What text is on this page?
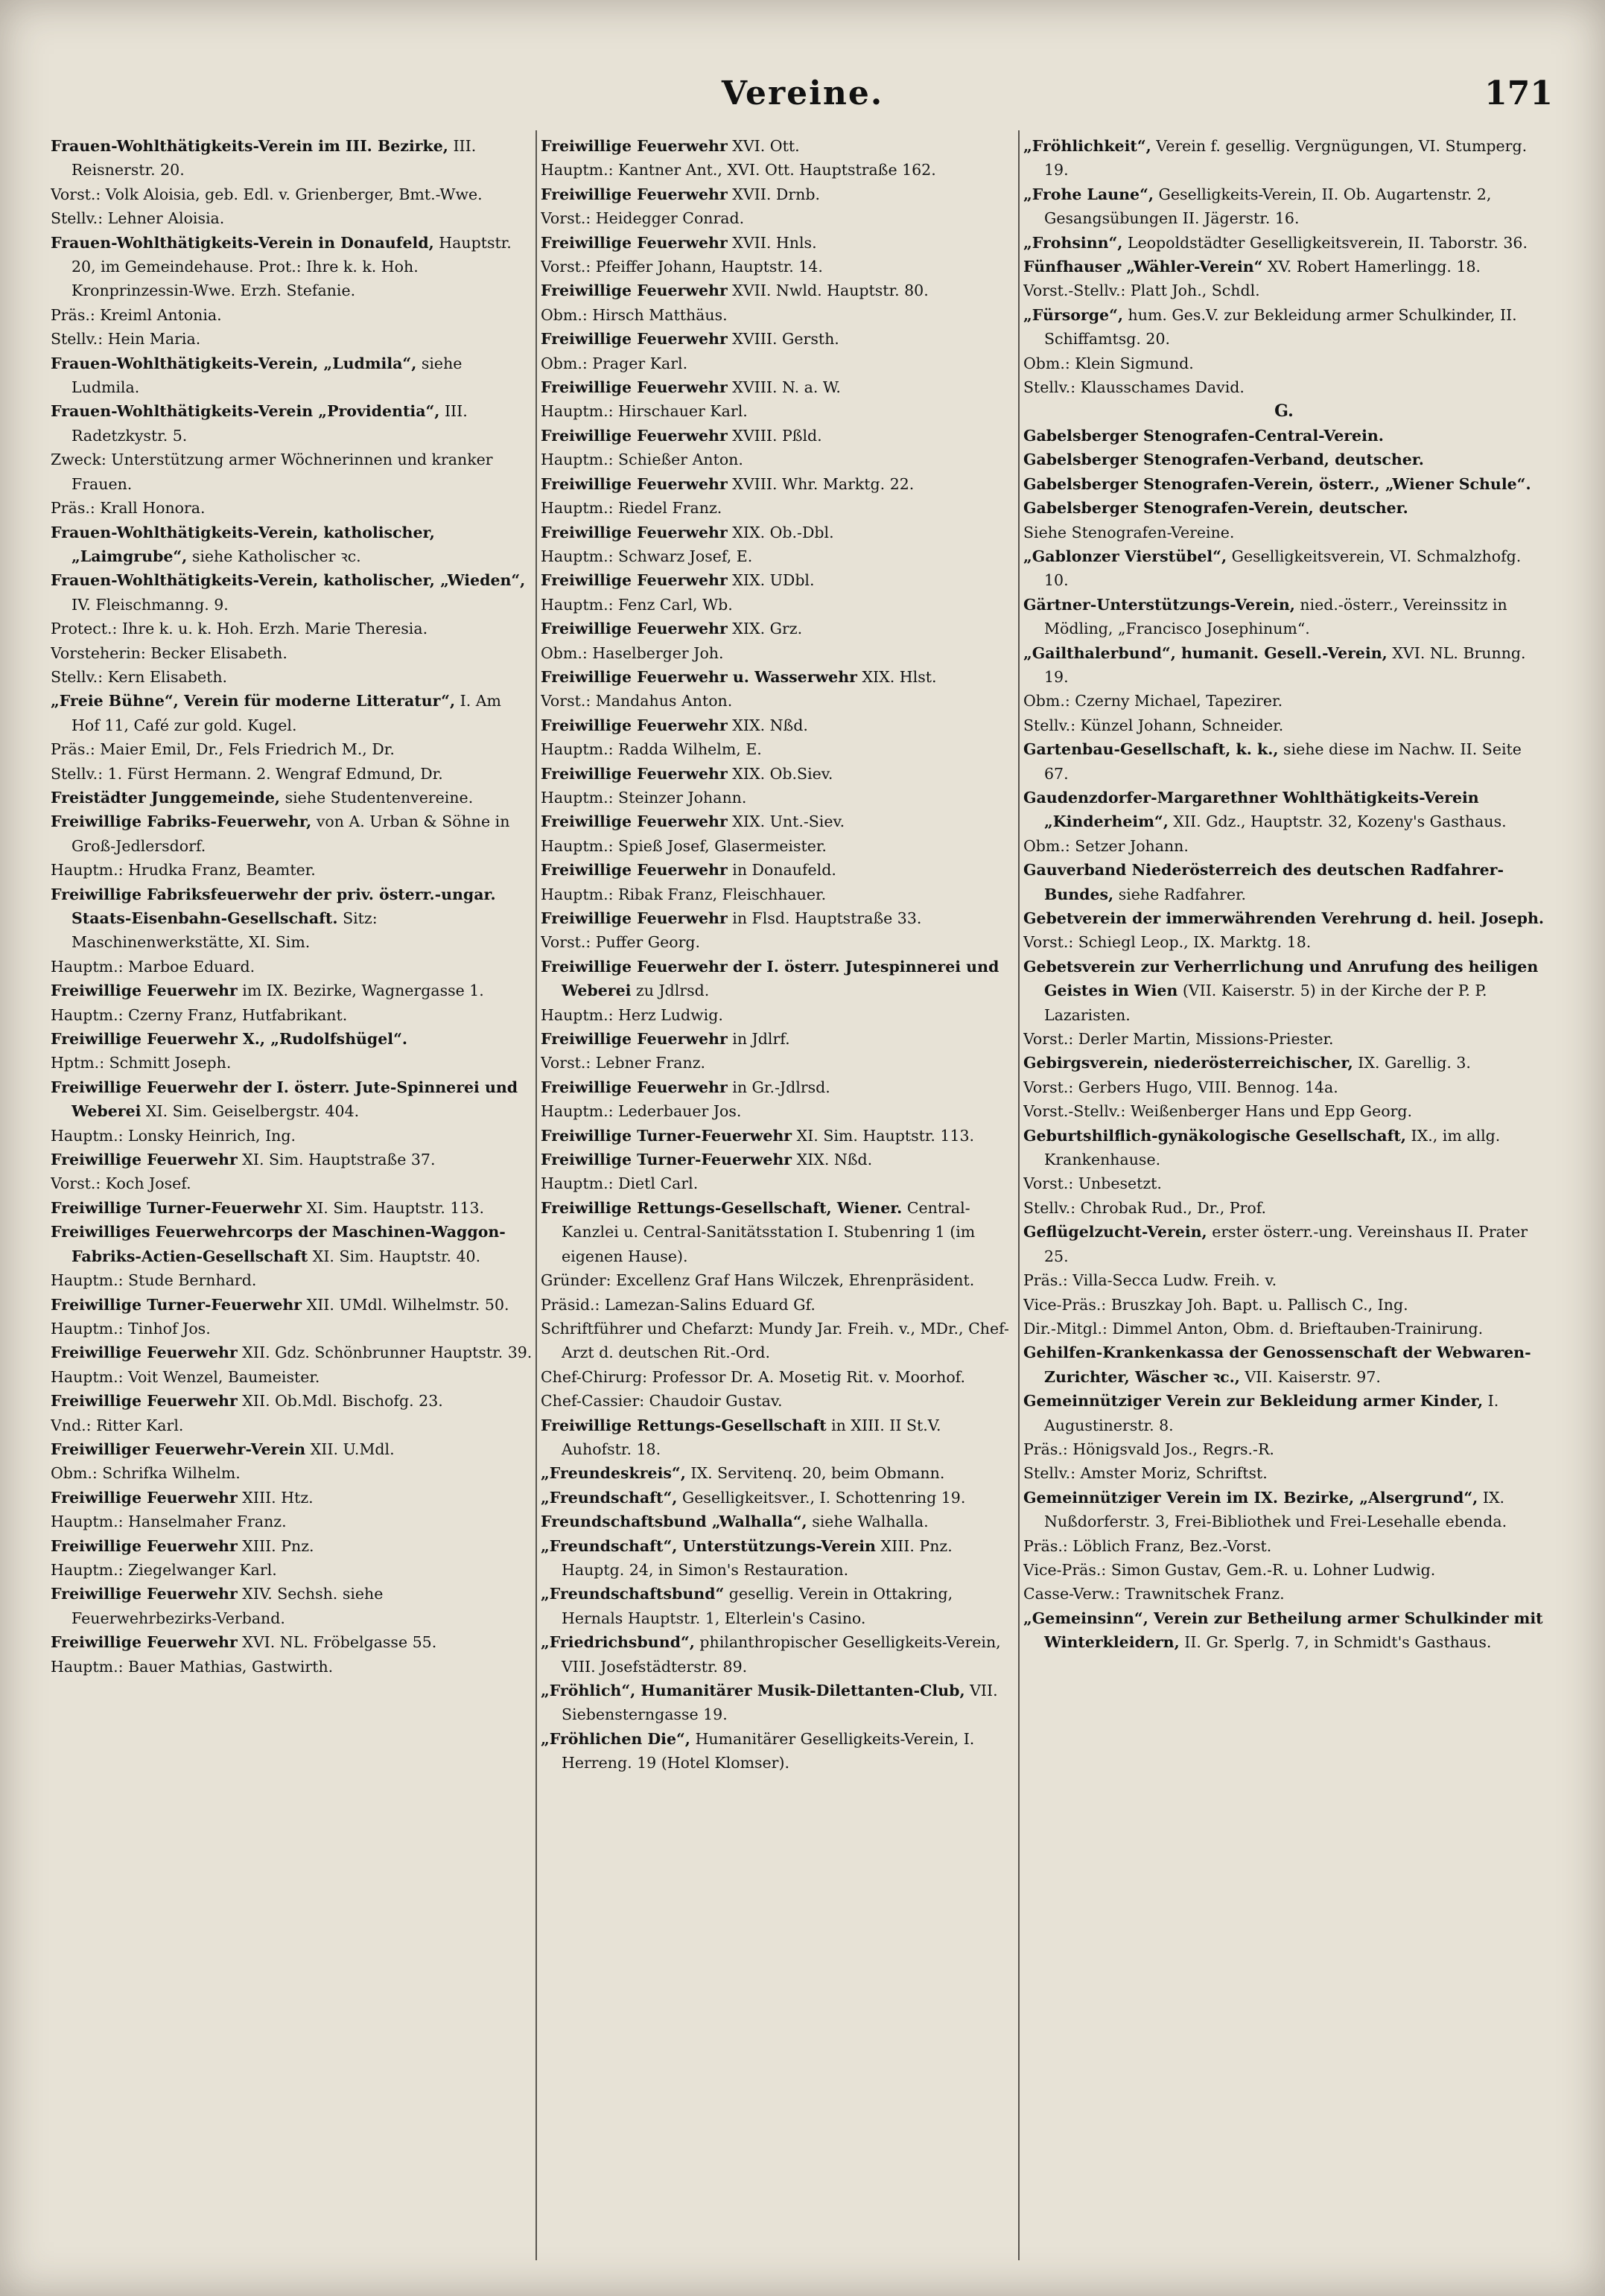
Vereine.	171

Frauen-Wohlthätigkeits-Verein im III. Bezirke, III. Reisnerstr. 20.

Vorst.: Volk Aloisia, geb. Edl. v. Grienberger, Bmt.-Wwe.

Stellv.: Lehner Aloisia.

Frauen-Wohlthätigkeits-Verein in Donaufeld, Hauptstr. 20, im Gemeindehause. Prot.: Ihre k. k. Hoh. Kronprinzessin-Wwe. Erzh. Stefanie.

Präs.: Kreiml Antonia.

Stellv.: Hein Maria.

Frauen-Wohlthätigkeits-Verein, „Ludmila“, siehe Ludmila.

Frauen-Wohlthätigkeits-Verein „Providentia“, III. Radetzkystr. 5.

Zweck: Unterstützung armer Wöchnerinnen und kranker Frauen.

Präs.: Krall Honora.

Frauen-Wohlthätigkeits-Verein, katholischer, „Laimgrube“, siehe Katholischer ꝛc.

Frauen-Wohlthätigkeits-Verein, katholischer, „Wieden“, IV. Fleischmanng. 9.

Protect.: Ihre k. u. k. Hoh. Erzh. Marie Theresia.

Vorsteherin: Becker Elisabeth.

Stellv.: Kern Elisabeth.

„Freie Bühne“, Verein für moderne Litteratur“, I. Am Hof 11, Café zur gold. Kugel.

Präs.: Maier Emil, Dr., Fels Friedrich M., Dr.

Stellv.: 1. Fürst Hermann. 2. Wengraf Edmund, Dr.

Freistädter Junggemeinde, siehe Studentenvereine.

Freiwillige Fabriks-Feuerwehr, von A. Urban & Söhne in Groß-Jedlersdorf.

Hauptm.: Hrudka Franz, Beamter.

Freiwillige Fabriksfeuerwehr der priv. österr.-ungar. Staats-Eisenbahn-Gesellschaft. Sitz: Maschinenwerkstätte, XI. Sim.

Hauptm.: Marboe Eduard.

Freiwillige Feuerwehr im IX. Bezirke, Wagnergasse 1.

Hauptm.: Czerny Franz, Hutfabrikant.

Freiwillige Feuerwehr X., „Rudolfshügel“.

Hptm.: Schmitt Joseph.

Freiwillige Feuerwehr der I. österr. Jute-Spinnerei und Weberei XI. Sim. Geiselbergstr. 404.

Hauptm.: Lonsky Heinrich, Ing.

Freiwillige Feuerwehr XI. Sim. Hauptstraße 37.

Vorst.: Koch Josef.

Freiwillige Turner-Feuerwehr XI. Sim. Hauptstr. 113.

Freiwilliges Feuerwehrcorps der Maschinen-Waggon-Fabriks-Actien-Gesellschaft XI. Sim. Hauptstr. 40.

Hauptm.: Stude Bernhard.

Freiwillige Turner-Feuerwehr XII. UMdl. Wilhelmstr. 50.

Hauptm.: Tinhof Jos.

Freiwillige Feuerwehr XII. Gdz. Schönbrunner Hauptstr. 39.

Hauptm.: Voit Wenzel, Baumeister.

Freiwillige Feuerwehr XII. Ob.Mdl. Bischofg. 23.

Vnd.: Ritter Karl.

Freiwilliger Feuerwehr-Verein XII. U.Mdl.

Obm.: Schrifka Wilhelm.

Freiwillige Feuerwehr XIII. Htz.

Hauptm.: Hanselmaher Franz.

Freiwillige Feuerwehr XIII. Pnz.

Hauptm.: Ziegelwanger Karl.

Freiwillige Feuerwehr XIV. Sechsh. siehe Feuerwehrbezirks-Verband.

Freiwillige Feuerwehr XVI. NL. Fröbelgasse 55.

Hauptm.: Bauer Mathias, Gastwirth.

Freiwillige Feuerwehr XVI. Ott.

Hauptm.: Kantner Ant., XVI. Ott. Hauptstraße 162.

Freiwillige Feuerwehr XVII. Drnb.

Vorst.: Heidegger Conrad.

Freiwillige Feuerwehr XVII. Hnls.

Vorst.: Pfeiffer Johann, Hauptstr. 14.

Freiwillige Feuerwehr XVII. Nwld. Hauptstr. 80.

Obm.: Hirsch Matthäus.

Freiwillige Feuerwehr XVIII. Gersth.

Obm.: Prager Karl.

Freiwillige Feuerwehr XVIII. N. a. W.

Hauptm.: Hirschauer Karl.

Freiwillige Feuerwehr XVIII. Pßld.

Hauptm.: Schießer Anton.

Freiwillige Feuerwehr XVIII. Whr. Marktg. 22.

Hauptm.: Riedel Franz.

Freiwillige Feuerwehr XIX. Ob.-Dbl.

Hauptm.: Schwarz Josef, E.

Freiwillige Feuerwehr XIX. UDbl.

Hauptm.: Fenz Carl, Wb.

Freiwillige Feuerwehr XIX. Grz.

Obm.: Haselberger Joh.

Freiwillige Feuerwehr u. Wasserwehr XIX. Hlst.

Vorst.: Mandahus Anton.

Freiwillige Feuerwehr XIX. Nßd.

Hauptm.: Radda Wilhelm, E.

Freiwillige Feuerwehr XIX. Ob.Siev.

Hauptm.: Steinzer Johann.

Freiwillige Feuerwehr XIX. Unt.-Siev.

Hauptm.: Spieß Josef, Glasermeister.

Freiwillige Feuerwehr in Donaufeld.

Hauptm.: Ribak Franz, Fleischhauer.

Freiwillige Feuerwehr in Flsd. Hauptstraße 33.

Vorst.: Puffer Georg.

Freiwillige Feuerwehr der I. österr. Jutespinnerei und Weberei zu Jdlrsd.

Hauptm.: Herz Ludwig.

Freiwillige Feuerwehr in Jdlrf.

Vorst.: Lebner Franz.

Freiwillige Feuerwehr in Gr.-Jdlrsd.

Hauptm.: Lederbauer Jos.

Freiwillige Turner-Feuerwehr XI. Sim. Hauptstr. 113.

Freiwillige Turner-Feuerwehr XIX. Nßd.

Hauptm.: Dietl Carl.

Freiwillige Rettungs-Gesellschaft, Wiener. Central-Kanzlei u. Central-Sanitätsstation I. Stubenring 1 (im eigenen Hause).

Gründer: Excellenz Graf Hans Wilczek, Ehrenpräsident.

Präsid.: Lamezan-Salins Eduard Gf.

Schriftführer und Chefarzt: Mundy Jar. Freih. v., MDr., Chef-Arzt d. deutschen Rit.-Ord.

Chef-Chirurg: Professor Dr. A. Mosetig Rit. v. Moorhof.

Chef-Cassier: Chaudoir Gustav.

Freiwillige Rettungs-Gesellschaft in XIII. II St.V. Auhofstr. 18.

„Freundeskreis“, IX. Servitenq. 20, beim Obmann.

„Freundschaft“, Geselligkeitsver., I. Schottenring 19.

Freundschaftsbund „Walhalla“, siehe Walhalla.

„Freundschaft“, Unterstützungs-Verein XIII. Pnz. Hauptg. 24, in Simon's Restauration.

„Freundschaftsbund“ gesellig. Verein in Ottakring, Hernals Hauptstr. 1, Elterlein's Casino.

„Friedrichsbund“, philanthropischer Geselligkeits-Verein, VIII. Josefstädterstr. 89.

„Fröhlich“, Humanitärer Musik-Dilettanten-Club, VII. Siebensterngasse 19.

„Fröhlichen Die“, Humanitärer Geselligkeits-Verein, I. Herreng. 19 (Hotel Klomser).

„Fröhlichkeit“, Verein f. gesellig. Vergnügungen, VI. Stumperg. 19.

„Frohe Laune“, Geselligkeits-Verein, II. Ob. Augartenstr. 2, Gesangsübungen II. Jägerstr. 16.

„Frohsinn“, Leopoldstädter Geselligkeitsverein, II. Taborstr. 36.

Fünfhauser „Wähler-Verein“ XV. Robert Hamerlingg. 18.

Vorst.-Stellv.: Platt Joh., Schdl.

„Fürsorge“, hum. Ges.V. zur Bekleidung armer Schulkinder, II. Schiffamtsg. 20.

Obm.: Klein Sigmund.

Stellv.: Klausschames David.

G.

Gabelsberger Stenografen-Central-Verein.

Gabelsberger Stenografen-Verband, deutscher.

Gabelsberger Stenografen-Verein, österr., „Wiener Schule“.

Gabelsberger Stenografen-Verein, deutscher.

Siehe Stenografen-Vereine.

„Gablonzer Vierstübel“, Geselligkeitsverein, VI. Schmalzhofg. 10.

Gärtner-Unterstützungs-Verein, nied.-österr., Vereinssitz in Mödling, „Francisco Josephinum“.

„Gailthalerbund“, humanit. Gesell.-Verein, XVI. NL. Brunng. 19.

Obm.: Czerny Michael, Tapezirer.

Stellv.: Künzel Johann, Schneider.

Gartenbau-Gesellschaft, k. k., siehe diese im Nachw. II. Seite 67.

Gaudenzdorfer-Margarethner Wohlthätigkeits-Verein „Kinderheim“, XII. Gdz., Hauptstr. 32, Kozeny's Gasthaus.

Obm.: Setzer Johann.

Gauverband Niederösterreich des deutschen Radfahrer-Bundes, siehe Radfahrer.

Gebetverein der immerwährenden Verehrung d. heil. Joseph.

Vorst.: Schiegl Leop., IX. Marktg. 18.

Gebetsverein zur Verherrlichung und Anrufung des heiligen Geistes in Wien (VII. Kaiserstr. 5) in der Kirche der P. P. Lazaristen.

Vorst.: Derler Martin, Missions-Priester.

Gebirgsverein, niederösterreichischer, IX. Garellig. 3.

Vorst.: Gerbers Hugo, VIII. Bennog. 14a.

Vorst.-Stellv.: Weißenberger Hans und Epp Georg.

Geburtshilflich-gynäkologische Gesellschaft, IX., im allg. Krankenhause.

Vorst.: Unbesetzt.

Stellv.: Chrobak Rud., Dr., Prof.

Geflügelzucht-Verein, erster österr.-ung. Vereinshaus II. Prater 25.

Präs.: Villa-Secca Ludw. Freih. v.

Vice-Präs.: Bruszkay Joh. Bapt. u. Pallisch C., Ing.

Dir.-Mitgl.: Dimmel Anton, Obm. d. Brieftauben-Trainirung.

Gehilfen-Krankenkassa der Genossenschaft der Webwaren-Zurichter, Wäscher ꝛc., VII. Kaiserstr. 97.

Gemeinnütziger Verein zur Bekleidung armer Kinder, I. Augustinerstr. 8.

Präs.: Hönigsvald Jos., Regrs.-R.

Stellv.: Amster Moriz, Schriftst.

Gemeinnütziger Verein im IX. Bezirke, „Alsergrund“, IX. Nußdorferstr. 3, Frei-Bibliothek und Frei-Lesehalle ebenda.

Präs.: Löblich Franz, Bez.-Vorst.

Vice-Präs.: Simon Gustav, Gem.-R. u. Lohner Ludwig.

Casse-Verw.: Trawnitschek Franz.

„Gemeinsinn“, Verein zur Betheilung armer Schulkinder mit Winterkleidern, II. Gr. Sperlg. 7, in Schmidt's Gasthaus.
